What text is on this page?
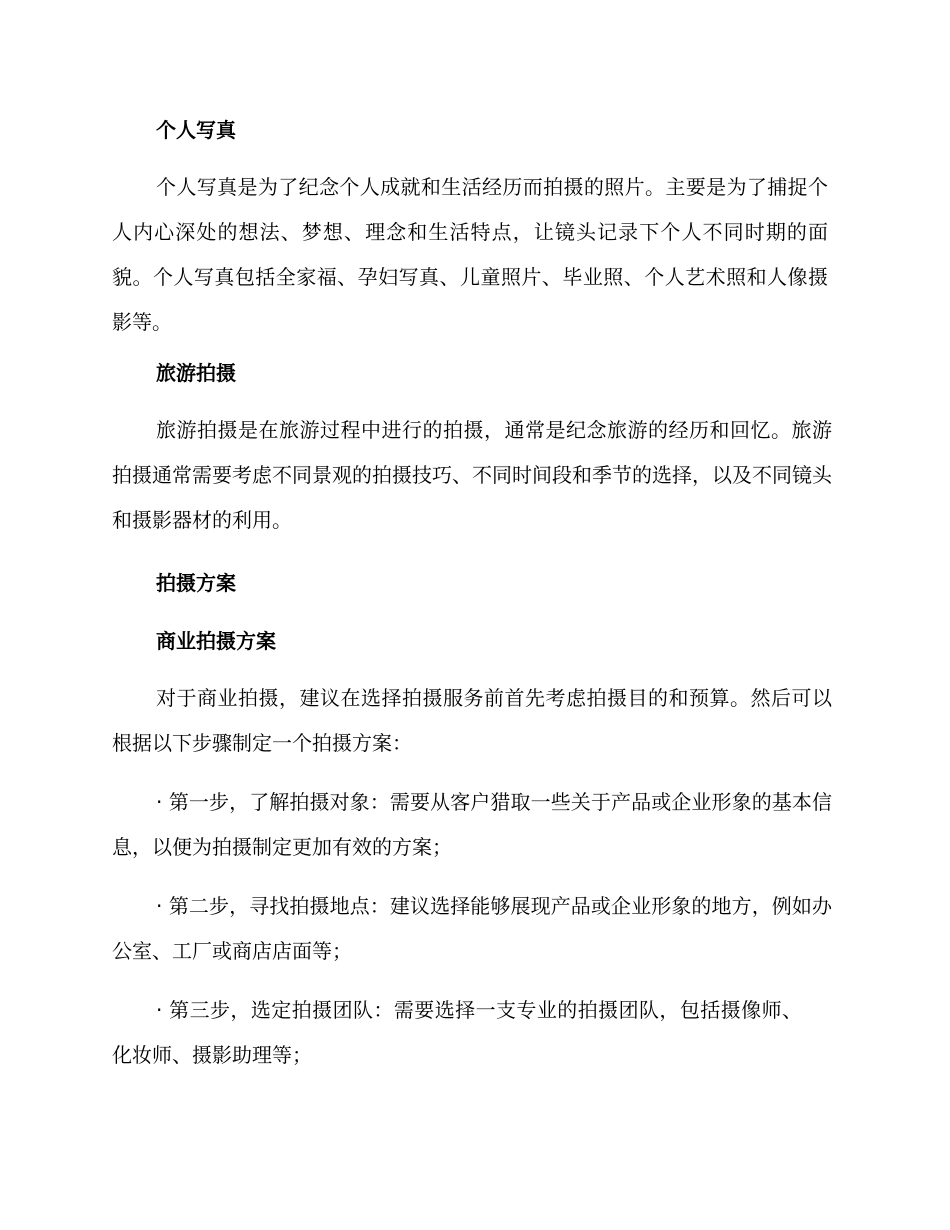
个人写真

个人写真是为了纪念个人成就和生活经历而拍摄的照片。主要是为了捕捉个人内心深处的想法、梦想、理念和生活特点，让镜头记录下个人不同时期的面貌。个人写真包括全家福、孕妇写真、儿童照片、毕业照、个人艺术照和人像摄影等。

旅游拍摄

旅游拍摄是在旅游过程中进行的拍摄，通常是纪念旅游的经历和回忆。旅游拍摄通常需要考虑不同景观的拍摄技巧、不同时间段和季节的选择，以及不同镜头和摄影器材的利用。

拍摄方案

商业拍摄方案

对于商业拍摄，建议在选择拍摄服务前首先考虑拍摄目的和预算。然后可以根据以下步骤制定一个拍摄方案：

· 第一步，了解拍摄对象：需要从客户猎取一些关于产品或企业形象的基本信息，以便为拍摄制定更加有效的方案；

· 第二步，寻找拍摄地点：建议选择能够展现产品或企业形象的地方，例如办公室、工厂或商店店面等；

· 第三步，选定拍摄团队：需要选择一支专业的拍摄团队，包括摄像师、化妆师、摄影助理等；
